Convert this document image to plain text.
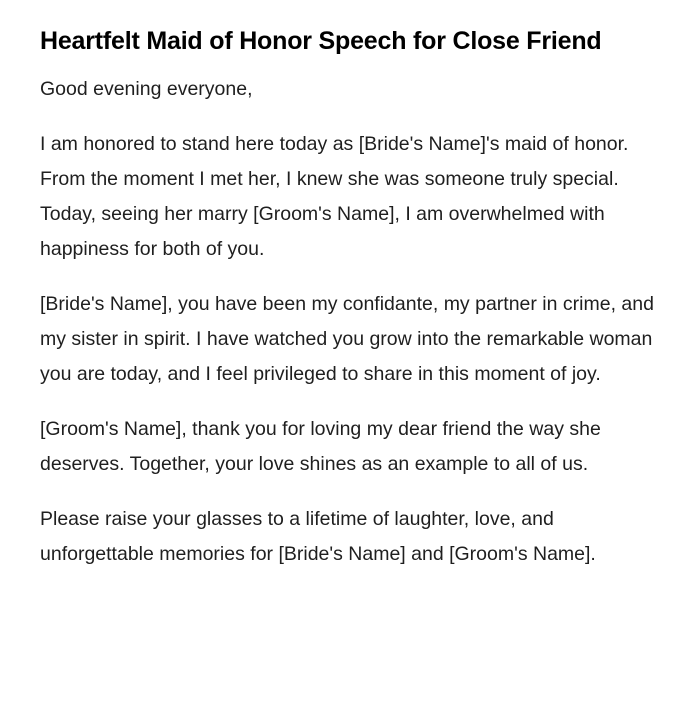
Heartfelt Maid of Honor Speech for Close Friend

Good evening everyone,

I am honored to stand here today as [Bride's Name]'s maid of honor. From the moment I met her, I knew she was someone truly special. Today, seeing her marry [Groom's Name], I am overwhelmed with happiness for both of you.

[Bride's Name], you have been my confidante, my partner in crime, and my sister in spirit. I have watched you grow into the remarkable woman you are today, and I feel privileged to share in this moment of joy.

[Groom's Name], thank you for loving my dear friend the way she deserves. Together, your love shines as an example to all of us.

Please raise your glasses to a lifetime of laughter, love, and unforgettable memories for [Bride's Name] and [Groom's Name].
